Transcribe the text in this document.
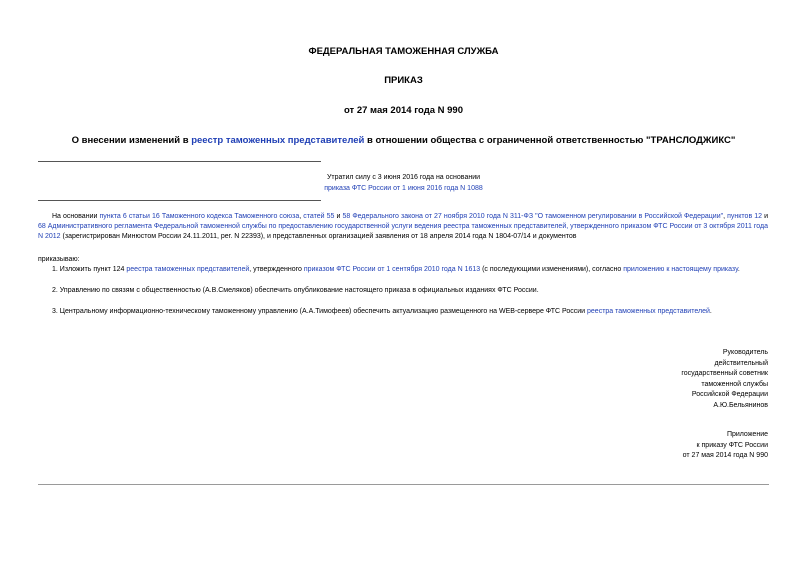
ФЕДЕРАЛЬНАЯ ТАМОЖЕННАЯ СЛУЖБА
ПРИКАЗ
от 27 мая 2014 года N 990
О внесении изменений в реестр таможенных представителей в отношении общества с ограниченной ответственностью "ТРАНСЛОДЖИКС"
Утратил силу с 3 июня 2016 года на основании
приказа ФТС России от 1 июня 2016 года N 1088
На основании пункта 6 статьи 16 Таможенного кодекса Таможенного союза, статей 55 и 58 Федерального закона от 27 ноября 2010 года N 311-ФЗ "О таможенном регулировании в Российской Федерации", пунктов 12 и 68 Административного регламента Федеральной таможенной службы по предоставлению государственной услуги ведения реестра таможенных представителей, утвержденного приказом ФТС России от 3 октября 2011 года N 2012 (зарегистрирован Минюстом России 24.11.2011, рег. N 22393), и представленных организацией заявления от 18 апреля 2014 года N 1804-07/14 и документов
приказываю:
1. Изложить пункт 124 реестра таможенных представителей, утвержденного приказом ФТС России от 1 сентября 2010 года N 1613 (с последующими изменениями), согласно приложению к настоящему приказу.
2. Управлению по связям с общественностью (А.В.Смеляков) обеспечить опубликование настоящего приказа в официальных изданиях ФТС России.
3. Центральному информационно-техническому таможенному управлению (А.А.Тимофеев) обеспечить актуализацию размещенного на WEB-сервере ФТС России реестра таможенных представителей.
Руководитель
действительный
государственный советник
таможенной службы
Российской Федерации
А.Ю.Бельянинов
Приложение
к приказу ФТС России
от 27 мая 2014 года N 990
